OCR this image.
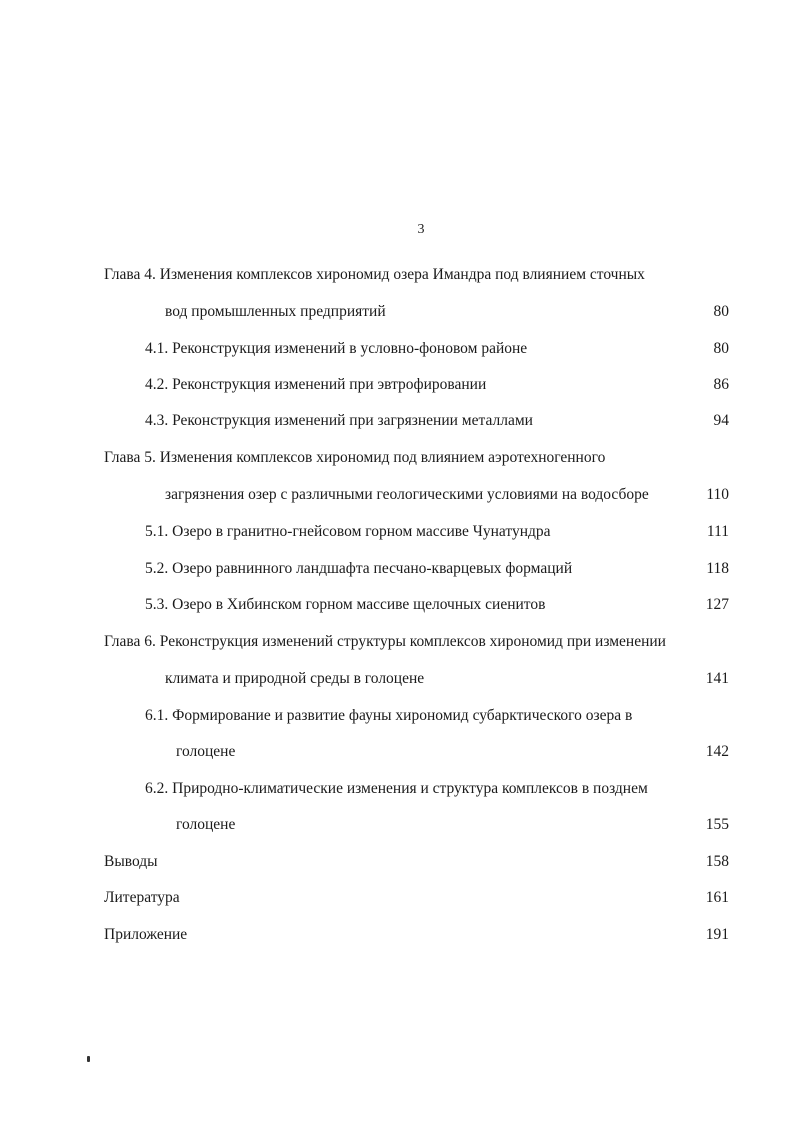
3
Глава 4. Изменения комплексов хирономид озера Имандра под влиянием сточных
вод промышленных предприятий	80
4.1. Реконструкция изменений в условно-фоновом районе	80
4.2. Реконструкция изменений при эвтрофировании	86
4.3. Реконструкция изменений при загрязнении металлами	94
Глава 5. Изменения комплексов хирономид под влиянием аэротехногенного
загрязнения озер с различными геологическими условиями на водосборе	110
5.1. Озеро в гранитно-гнейсовом горном массиве Чунатундра	111
5.2. Озеро равнинного ландшафта песчано-кварцевых формаций	118
5.3. Озеро в Хибинском горном массиве щелочных сиенитов	127
Глава 6. Реконструкция изменений структуры комплексов хирономид при изменении
климата и природной среды в голоцене	141
6.1. Формирование и развитие фауны хирономид субарктического озера в
голоцене	142
6.2. Природно-климатические изменения и структура комплексов в позднем
голоцене	155
Выводы	158
Литература	161
Приложение	191
